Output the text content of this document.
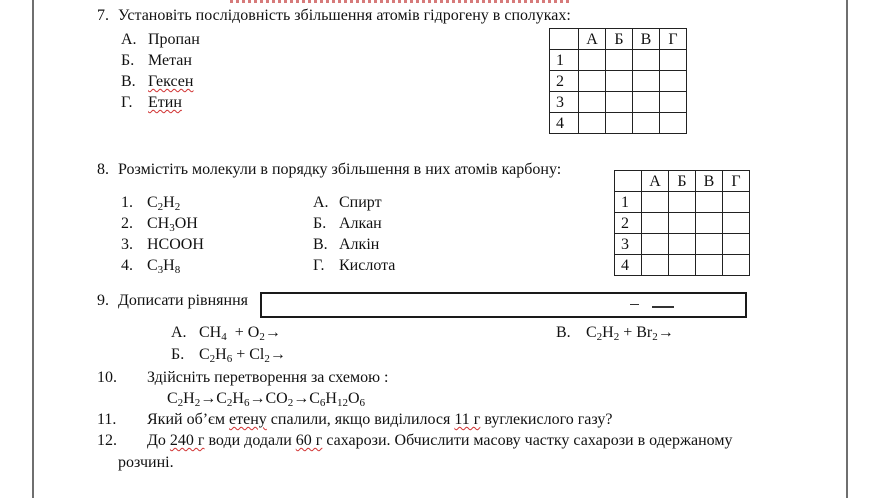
7. Установіть послідовність збільшення атомів гідрогену в сполуках:
А. Пропан
Б. Метан
В. Гексен
Г. Етин
	А	Б	В	Г
1				
2				
3				
4				
8. Розмістіть молекули в порядку збільшення в них атомів карбону:
1. $C_2H_2$
2. $CH_3OH$
3. HCOOH
4. $C_3H_8$
А. Спирт
Б. Алкан
В. Алкін
Г. Кислота
	А	Б	В	Г
1				
2				
3				
4				
9. Дописати рівняння
А. $CH_4 + O_2\to$
Б. $C_2H_6 + Cl_2\to$
В. $C_2H_2 + Br_2\to$
10. Здійсніть перетворення за схемою :
$C_2H_2\to C_2H_6\to CO_2\to C_6H_{12}O_6$
11. Який об’єм етену спалили, якщо виділилося 11 г вуглекислого газу?
12. До 240 г води додали 60 г сахарози. Обчислити масову частку сахарози в одержаному
розчині.
